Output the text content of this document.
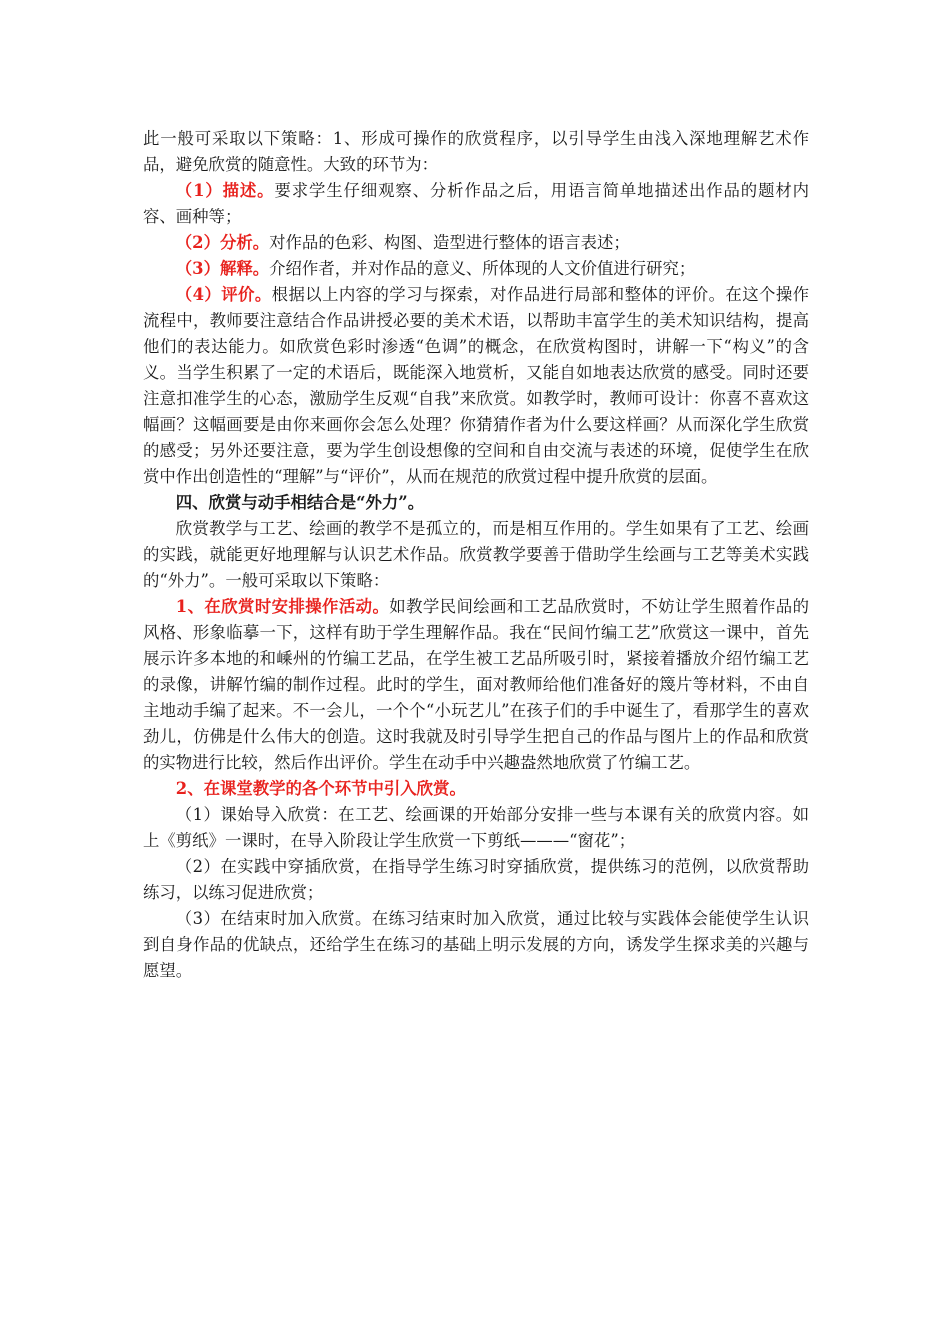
此一般可采取以下策略：1、形成可操作的欣赏程序，以引导学生由浅入深地理解艺术作品，避免欣赏的随意性。大致的环节为：

（1）描述。要求学生仔细观察、分析作品之后，用语言简单地描述出作品的题材内容、画种等；

（2）分析。对作品的色彩、构图、造型进行整体的语言表述；

（3）解释。介绍作者，并对作品的意义、所体现的人文价值进行研究；

（4）评价。根据以上内容的学习与探索，对作品进行局部和整体的评价。在这个操作流程中，教师要注意结合作品讲授必要的美术术语，以帮助丰富学生的美术知识结构，提高他们的表达能力。如欣赏色彩时渗透“色调”的概念，在欣赏构图时，讲解一下“构义”的含义。当学生积累了一定的术语后，既能深入地赏析，又能自如地表达欣赏的感受。同时还要注意扣准学生的心态，激励学生反观“自我”来欣赏。如教学时，教师可设计：你喜不喜欢这幅画？这幅画要是由你来画你会怎么处理？你猜猜作者为什么要这样画？从而深化学生欣赏的感受；另外还要注意，要为学生创设想像的空间和自由交流与表述的环境，促使学生在欣赏中作出创造性的“理解”与“评价”，从而在规范的欣赏过程中提升欣赏的层面。

四、欣赏与动手相结合是“外力”。

欣赏教学与工艺、绘画的教学不是孤立的，而是相互作用的。学生如果有了工艺、绘画的实践，就能更好地理解与认识艺术作品。欣赏教学要善于借助学生绘画与工艺等美术实践的“外力”。一般可采取以下策略：

1、在欣赏时安排操作活动。如教学民间绘画和工艺品欣赏时，不妨让学生照着作品的风格、形象临摹一下，这样有助于学生理解作品。我在“民间竹编工艺”欣赏这一课中，首先展示许多本地的和嵊州的竹编工艺品，在学生被工艺品所吸引时，紧接着播放介绍竹编工艺的录像，讲解竹编的制作过程。此时的学生，面对教师给他们准备好的篾片等材料，不由自主地动手编了起来。不一会儿，一个个“小玩艺儿”在孩子们的手中诞生了，看那学生的喜欢劲儿，仿佛是什么伟大的创造。这时我就及时引导学生把自己的作品与图片上的作品和欣赏的实物进行比较，然后作出评价。学生在动手中兴趣盎然地欣赏了竹编工艺。

2、在课堂教学的各个环节中引入欣赏。

（1）课始导入欣赏：在工艺、绘画课的开始部分安排一些与本课有关的欣赏内容。如上《剪纸》一课时，在导入阶段让学生欣赏一下剪纸———“窗花”；

（2）在实践中穿插欣赏，在指导学生练习时穿插欣赏，提供练习的范例，以欣赏帮助练习，以练习促进欣赏；

（3）在结束时加入欣赏。在练习结束时加入欣赏，通过比较与实践体会能使学生认识到自身作品的优缺点，还给学生在练习的基础上明示发展的方向，诱发学生探求美的兴趣与愿望。
